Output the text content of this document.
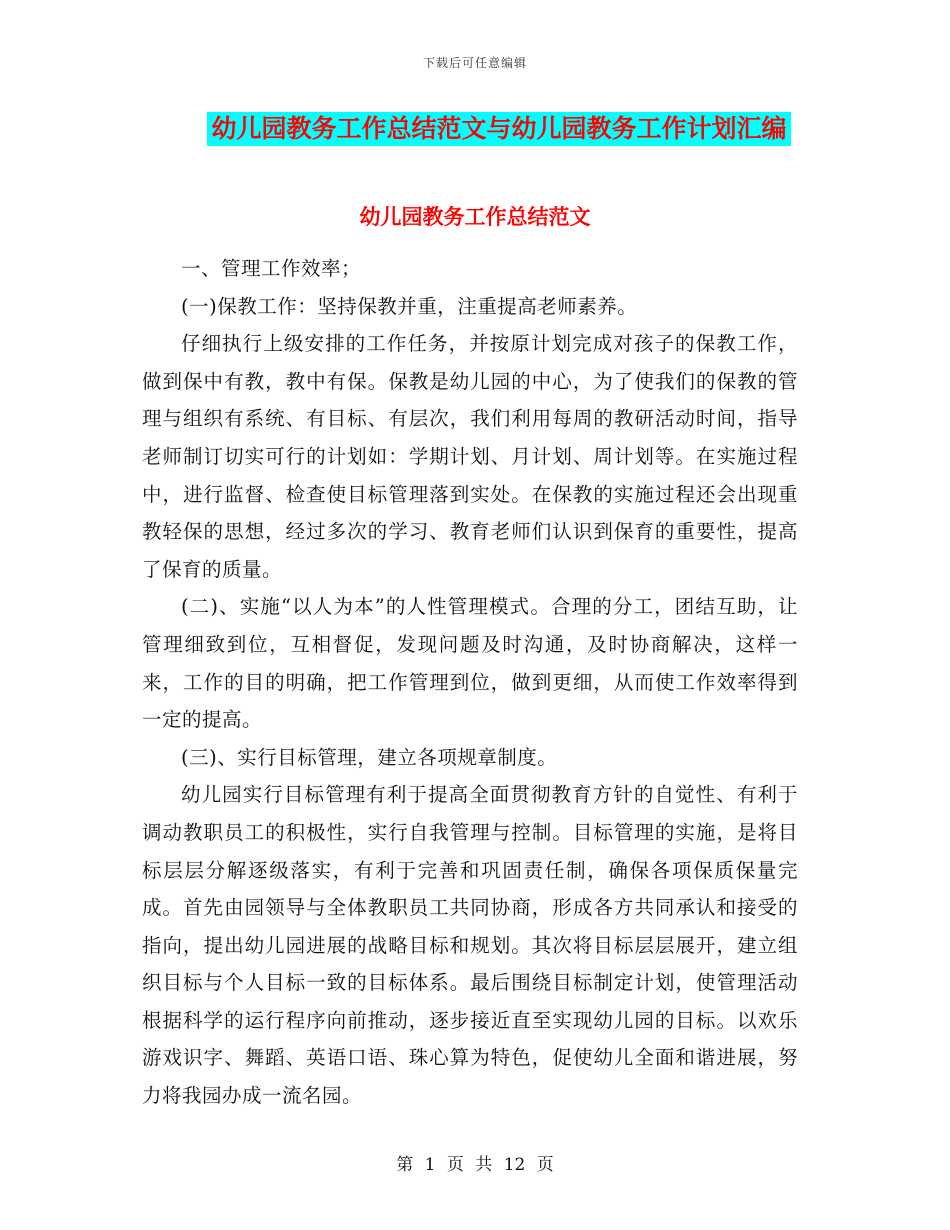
下载后可任意编辑
幼儿园教务工作总结范文与幼儿园教务工作计划汇编
幼儿园教务工作总结范文

一、管理工作效率；

(一)保教工作：坚持保教并重，注重提高老师素养。

仔细执行上级安排的工作任务，并按原计划完成对孩子的保教工作，做到保中有教，教中有保。保教是幼儿园的中心，为了使我们的保教的管理与组织有系统、有目标、有层次，我们利用每周的教研活动时间，指导老师制订切实可行的计划如：学期计划、月计划、周计划等。在实施过程中，进行监督、检查使目标管理落到实处。在保教的实施过程还会出现重教轻保的思想，经过多次的学习、教育老师们认识到保育的重要性，提高了保育的质量。

(二)、实施“以人为本”的人性管理模式。合理的分工，团结互助，让管理细致到位，互相督促，发现问题及时沟通，及时协商解决，这样一来，工作的目的明确，把工作管理到位，做到更细，从而使工作效率得到一定的提高。

(三)、实行目标管理，建立各项规章制度。

幼儿园实行目标管理有利于提高全面贯彻教育方针的自觉性、有利于调动教职员工的积极性，实行自我管理与控制。目标管理的实施，是将目标层层分解逐级落实，有利于完善和巩固责任制，确保各项保质保量完成。首先由园领导与全体教职员工共同协商，形成各方共同承认和接受的指向，提出幼儿园进展的战略目标和规划。其次将目标层层展开，建立组织目标与个人目标一致的目标体系。最后围绕目标制定计划，使管理活动根据科学的运行程序向前推动，逐步接近直至实现幼儿园的目标。以欢乐游戏识字、舞蹈、英语口语、珠心算为特色，促使幼儿全面和谐进展，努力将我园办成一流名园。

第 1 页 共 12 页
